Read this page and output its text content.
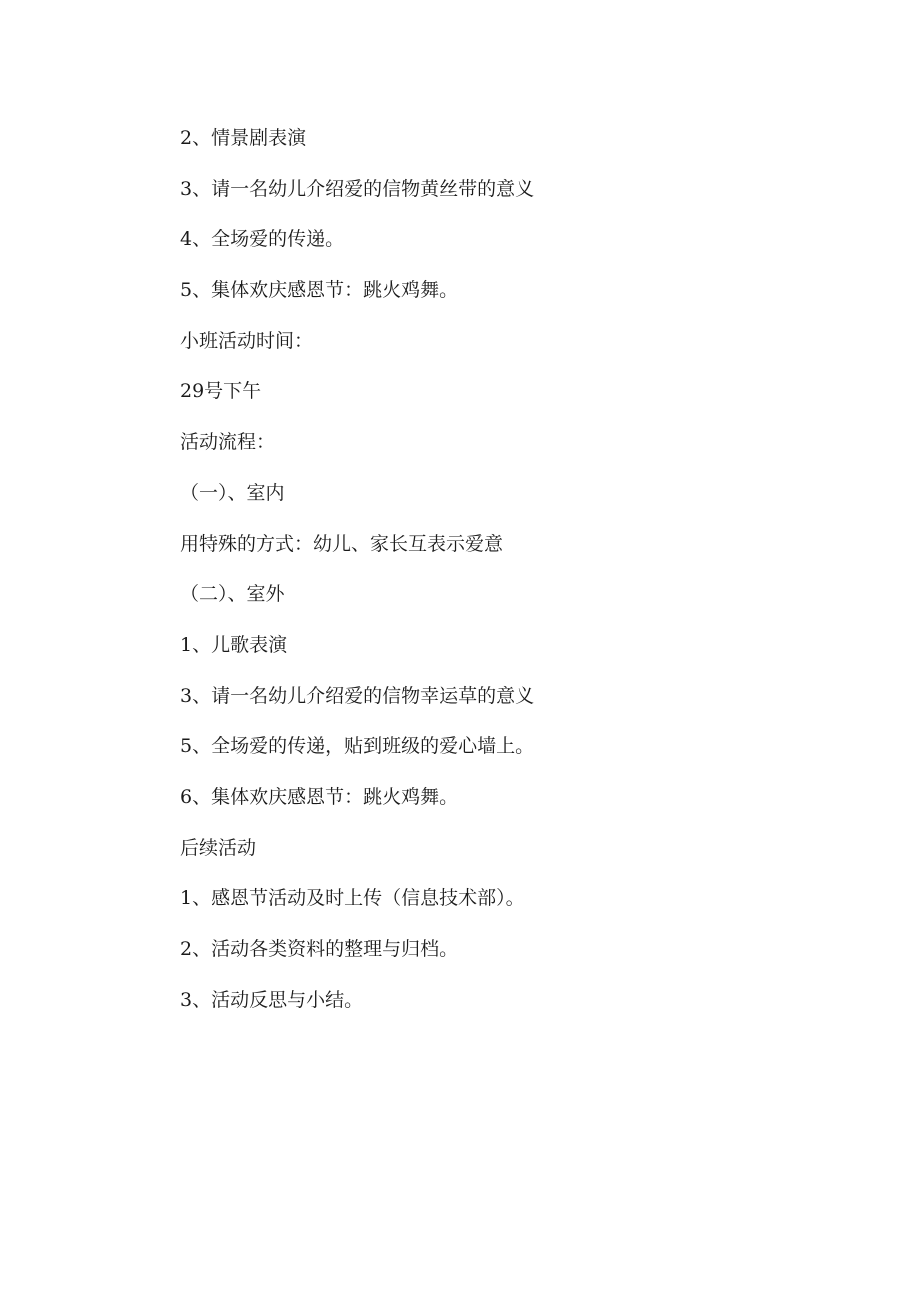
2、情景剧表演
3、请一名幼儿介绍爱的信物黄丝带的意义
4、全场爱的传递。
5、集体欢庆感恩节：跳火鸡舞。
小班活动时间：
29号下午
活动流程：
（一）、室内
用特殊的方式：幼儿、家长互表示爱意
（二）、室外
1、儿歌表演
3、请一名幼儿介绍爱的信物幸运草的意义
5、全场爱的传递，贴到班级的爱心墙上。
6、集体欢庆感恩节：跳火鸡舞。
后续活动
1、感恩节活动及时上传（信息技术部）。
2、活动各类资料的整理与归档。
3、活动反思与小结。
